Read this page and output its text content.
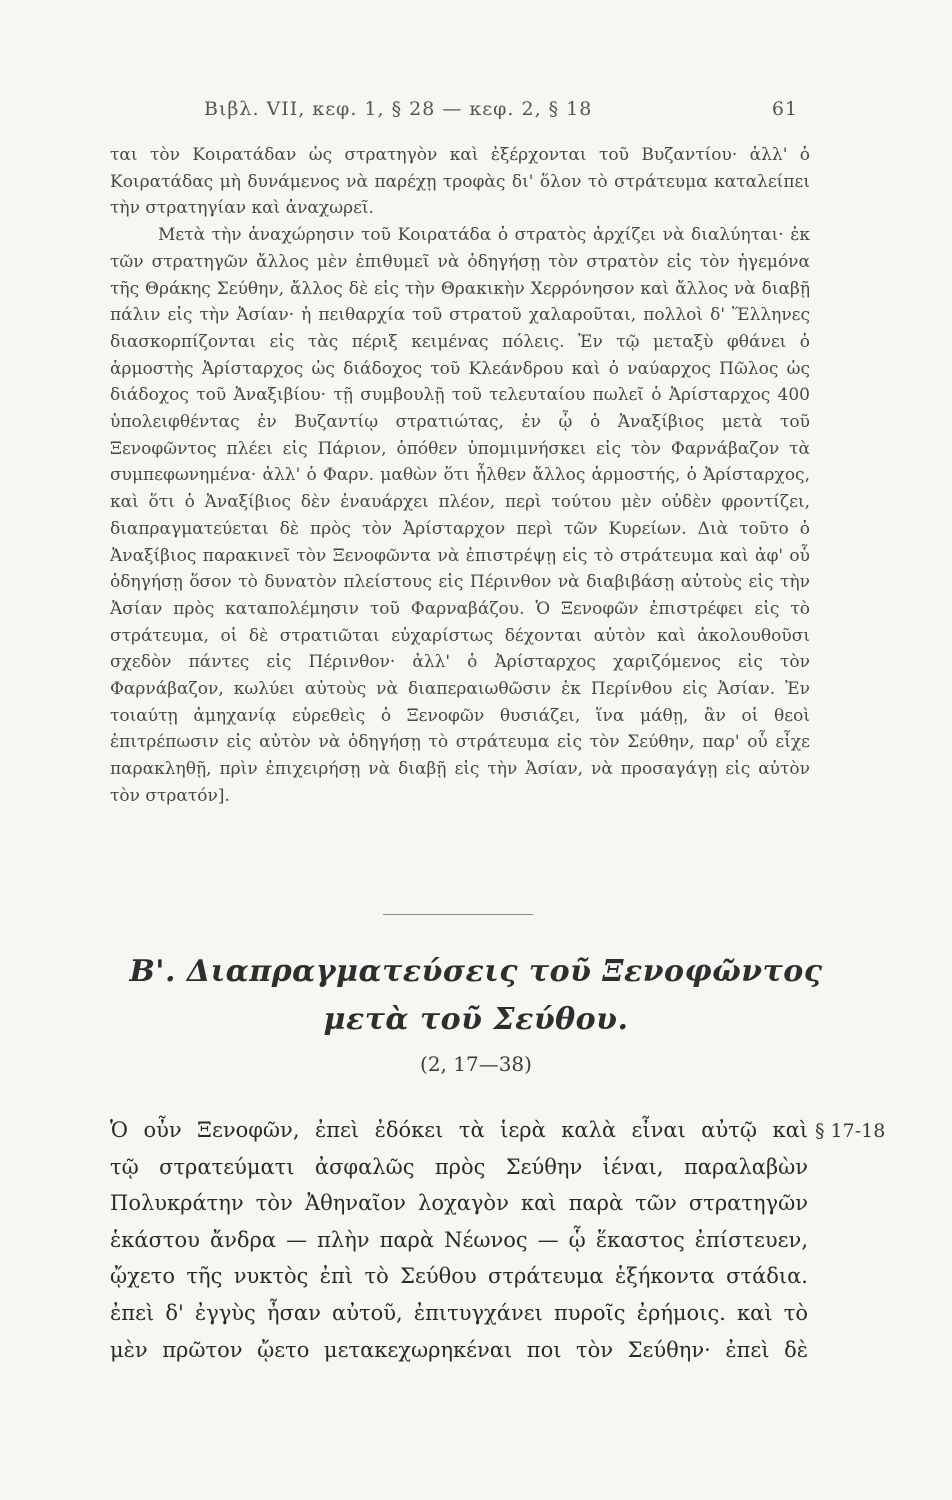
Βιβλ. VII, κεφ. 1, § 28 — κεφ. 2, § 18	61

ται τὸν Κοιρατάδαν ὡς στρατηγὸν καὶ ἐξέρχονται τοῦ Βυζαντίου· ἀλλ' ὁ Κοιρατάδας μὴ δυνάμενος νὰ παρέχῃ τροφὰς δι' ὅλον τὸ στράτευμα καταλείπει τὴν στρατηγίαν καὶ ἀναχωρεῖ.

Μετὰ τὴν ἀναχώρησιν τοῦ Κοιρατάδα ὁ στρατὸς ἀρχίζει νὰ διαλύηται· ἐκ τῶν στρατηγῶν ἄλλος μὲν ἐπιθυμεῖ νὰ ὁδηγήσῃ τὸν στρατὸν εἰς τὸν ἡγεμόνα τῆς Θράκης Σεύθην, ἄλλος δὲ εἰς τὴν Θρακικὴν Χερρόνησον καὶ ἄλλος νὰ διαβῇ πάλιν εἰς τὴν Ἀσίαν· ἡ πειθαρχία τοῦ στρατοῦ χαλαροῦται, πολλοὶ δ' Ἕλληνες διασκορπίζονται εἰς τὰς πέριξ κειμένας πόλεις. Ἐν τῷ μεταξὺ φθάνει ὁ ἁρμοστὴς Ἀρίσταρχος ὡς διάδοχος τοῦ Κλεάνδρου καὶ ὁ ναύαρχος Πῶλος ὡς διάδοχος τοῦ Ἀναξιβίου· τῇ συμβουλῇ τοῦ τελευταίου πωλεῖ ὁ Ἀρίσταρχος 400 ὑπολειφθέντας ἐν Βυζαντίῳ στρατιώτας, ἐν ᾧ ὁ Ἀναξίβιος μετὰ τοῦ Ξενοφῶντος πλέει εἰς Πάριον, ὁπόθεν ὑπομιμνήσκει εἰς τὸν Φαρνάβαζον τὰ συμπεφωνημένα· ἀλλ' ὁ Φαρν. μαθὼν ὅτι ἦλθεν ἄλλος ἁρμοστής, ὁ Ἀρίσταρχος, καὶ ὅτι ὁ Ἀναξίβιος δὲν ἐναυάρχει πλέον, περὶ τούτου μὲν οὐδὲν φροντίζει, διαπραγματεύεται δὲ πρὸς τὸν Ἀρίσταρχον περὶ τῶν Κυρείων. Διὰ τοῦτο ὁ Ἀναξίβιος παρακινεῖ τὸν Ξενοφῶντα νὰ ἐπιστρέψῃ εἰς τὸ στράτευμα καὶ ἀφ' οὗ ὁδηγήσῃ ὅσον τὸ δυνατὸν πλείστους εἰς Πέρινθον νὰ διαβιβάσῃ αὐτοὺς εἰς τὴν Ἀσίαν πρὸς καταπολέμησιν τοῦ Φαρναβάζου. Ὁ Ξενοφῶν ἐπιστρέφει εἰς τὸ στράτευμα, οἱ δὲ στρατιῶται εὐχαρίστως δέχονται αὐτὸν καὶ ἀκολουθοῦσι σχεδὸν πάντες εἰς Πέρινθον· ἀλλ' ὁ Ἀρίσταρχος χαριζόμενος εἰς τὸν Φαρνάβαζον, κωλύει αὐτοὺς νὰ διαπεραιωθῶσιν ἐκ Περίνθου εἰς Ἀσίαν. Ἐν τοιαύτῃ ἀμηχανίᾳ εὑρεθεὶς ὁ Ξενοφῶν θυσιάζει, ἵνα μάθῃ, ἂν οἱ θεοὶ ἐπιτρέπωσιν εἰς αὐτὸν νὰ ὁδηγήσῃ τὸ στράτευμα εἰς τὸν Σεύθην, παρ' οὗ εἶχε παρακληθῇ, πρὶν ἐπιχειρήσῃ νὰ διαβῇ εἰς τὴν Ἀσίαν, νὰ προσαγάγῃ εἰς αὐτὸν τὸν στρατόν].

Β'. Διαπραγματεύσεις τοῦ Ξενοφῶντος
μετὰ τοῦ Σεύθου.
(2, 17—38)
§ 17-18
Ὁ οὖν Ξενοφῶν, ἐπεὶ ἐδόκει τὰ ἱερὰ καλὰ εἶναι αὐτῷ καὶ
τῷ στρατεύματι ἀσφαλῶς πρὸς Σεύθην ἰέναι, παραλαβὼν
Πολυκράτην τὸν Ἀθηναῖον λοχαγὸν καὶ παρὰ τῶν στρατηγῶν
ἑκάστου ἄνδρα — πλὴν παρὰ Νέωνος — ᾧ ἕκαστος ἐπίστευεν,
ᾤχετο τῆς νυκτὸς ἐπὶ τὸ Σεύθου στράτευμα ἑξήκοντα στάδια.
ἐπεὶ δ' ἐγγὺς ἦσαν αὐτοῦ, ἐπιτυγχάνει πυροῖς ἐρήμοις. καὶ τὸ
μὲν πρῶτον ᾤετο μετακεχωρηκέναι ποι τὸν Σεύθην· ἐπεὶ δὲ
